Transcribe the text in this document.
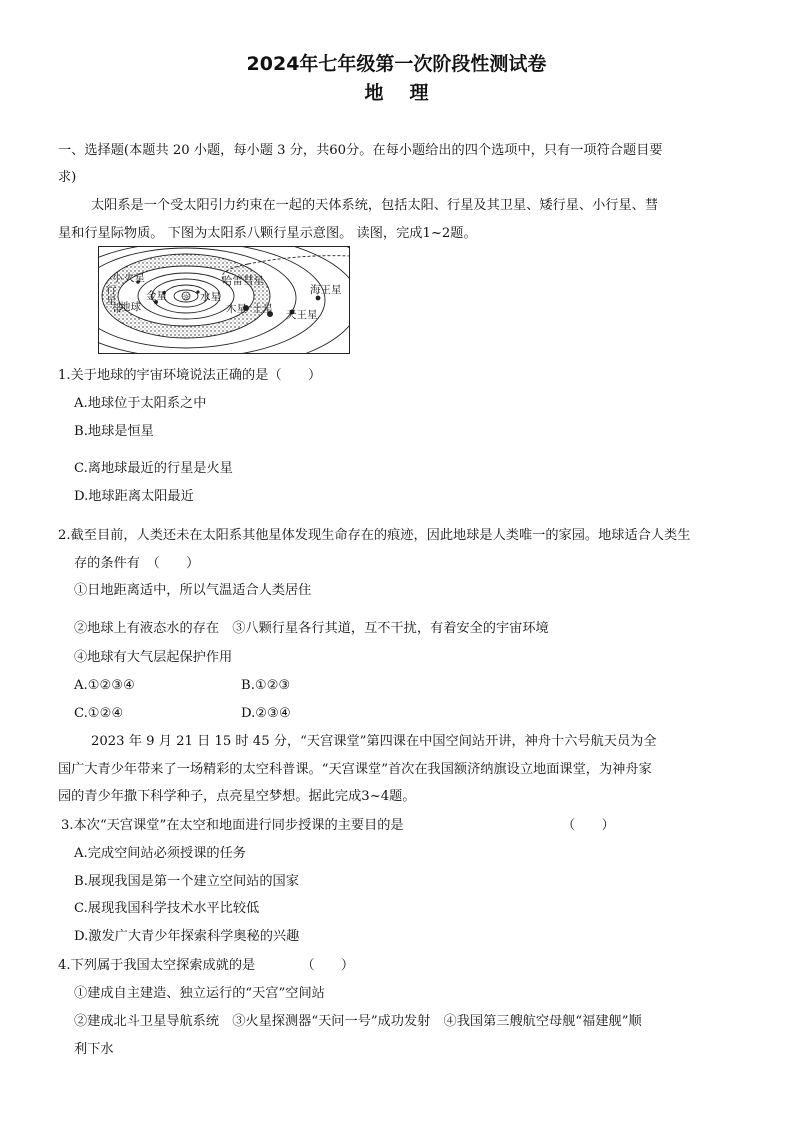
2024年七年级第一次阶段性测试卷
地理
一、选择题(本题共 20 小题，每小题 3 分，共60分。在每小题给出的四个选项中，只有一项符合题目要
求)
太阳系是一个受太阳引力约束在一起的天体系统，包括太阳、行星及其卫星、矮行星、小行星、彗
星和行星际物质。 下图为太阳系八颗行星示意图。 读图，完成1~2题。
小
行
星
带
火星	哈雷彗星
金星 ☼ 水星
海王星
地球	木星 土星 天王星
1.关于地球的宇宙环境说法正确的是（　　）
A.地球位于太阳系之中
B.地球是恒星
C.离地球最近的行星是火星
D.地球距离太阳最近
2.截至目前，人类还未在太阳系其他星体发现生命存在的痕迹，因此地球是人类唯一的家园。地球适合人类生
存的条件有　（　　）
①日地距离适中，所以气温适合人类居住
②地球上有液态水的存在　③八颗行星各行其道，互不干扰，有着安全的宇宙环境
④地球有大气层起保护作用
A.①②③④	B.①②③
C.①②④	D.②③④
2023 年 9 月 21 日 15 时 45 分，“天宫课堂”第四课在中国空间站开讲，神舟十六号航天员为全
国广大青少年带来了一场精彩的太空科普课。“天宫课堂”首次在我国额济纳旗设立地面课堂，为神舟家
园的青少年撒下科学种子，点亮星空梦想。据此完成3~4题。
3.本次“天宫课堂”在太空和地面进行同步授课的主要目的是	（　　）
A.完成空间站必须授课的任务
B.展现我国是第一个建立空间站的国家
C.展现我国科学技术水平比较低
D.激发广大青少年探索科学奥秘的兴趣
4.下列属于我国太空探索成就的是　　　　（　　）
①建成自主建造、独立运行的“天宫”空间站
②建成北斗卫星导航系统　③火星探测器“天问一号”成功发射　④我国第三艘航空母舰“福建舰”顺
利下水
